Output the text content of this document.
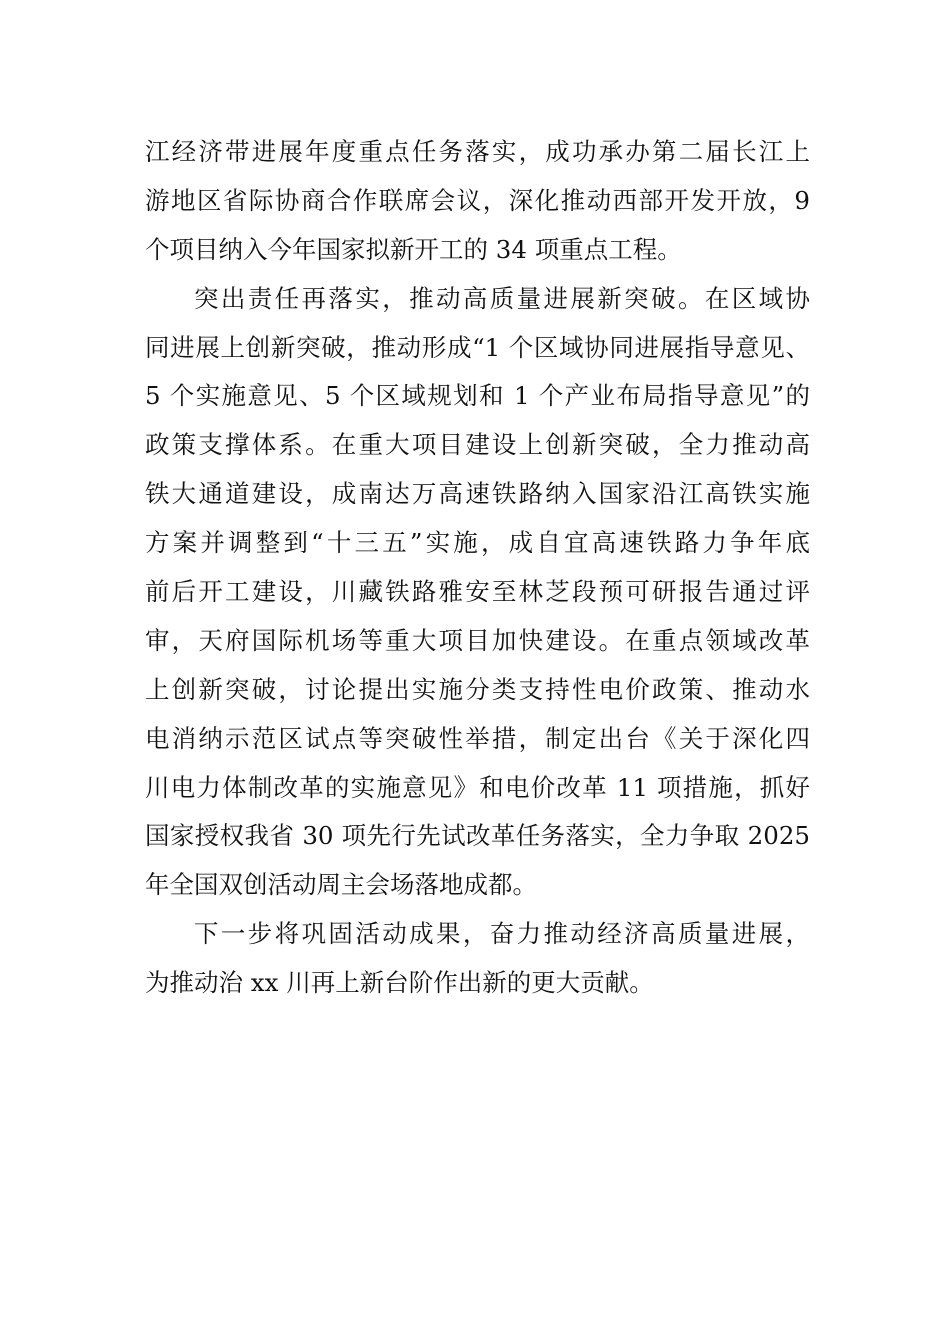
江经济带进展年度重点任务落实，成功承办第二届长江上
游地区省际协商合作联席会议，深化推动西部开发开放，9
个项目纳入今年国家拟新开工的 34 项重点工程。
突出责任再落实，推动高质量进展新突破。在区域协
同进展上创新突破，推动形成“1 个区域协同进展指导意见、
5 个实施意见、5 个区域规划和 1 个产业布局指导意见”的
政策支撑体系。在重大项目建设上创新突破，全力推动高
铁大通道建设，成南达万高速铁路纳入国家沿江高铁实施
方案并调整到“十三五”实施，成自宜高速铁路力争年底
前后开工建设，川藏铁路雅安至林芝段预可研报告通过评
审，天府国际机场等重大项目加快建设。在重点领域改革
上创新突破，讨论提出实施分类支持性电价政策、推动水
电消纳示范区试点等突破性举措，制定出台《关于深化四
川电力体制改革的实施意见》和电价改革 11 项措施，抓好
国家授权我省 30 项先行先试改革任务落实，全力争取 2025
年全国双创活动周主会场落地成都。
下一步将巩固活动成果，奋力推动经济高质量进展，
为推动治 xx 川再上新台阶作出新的更大贡献。
